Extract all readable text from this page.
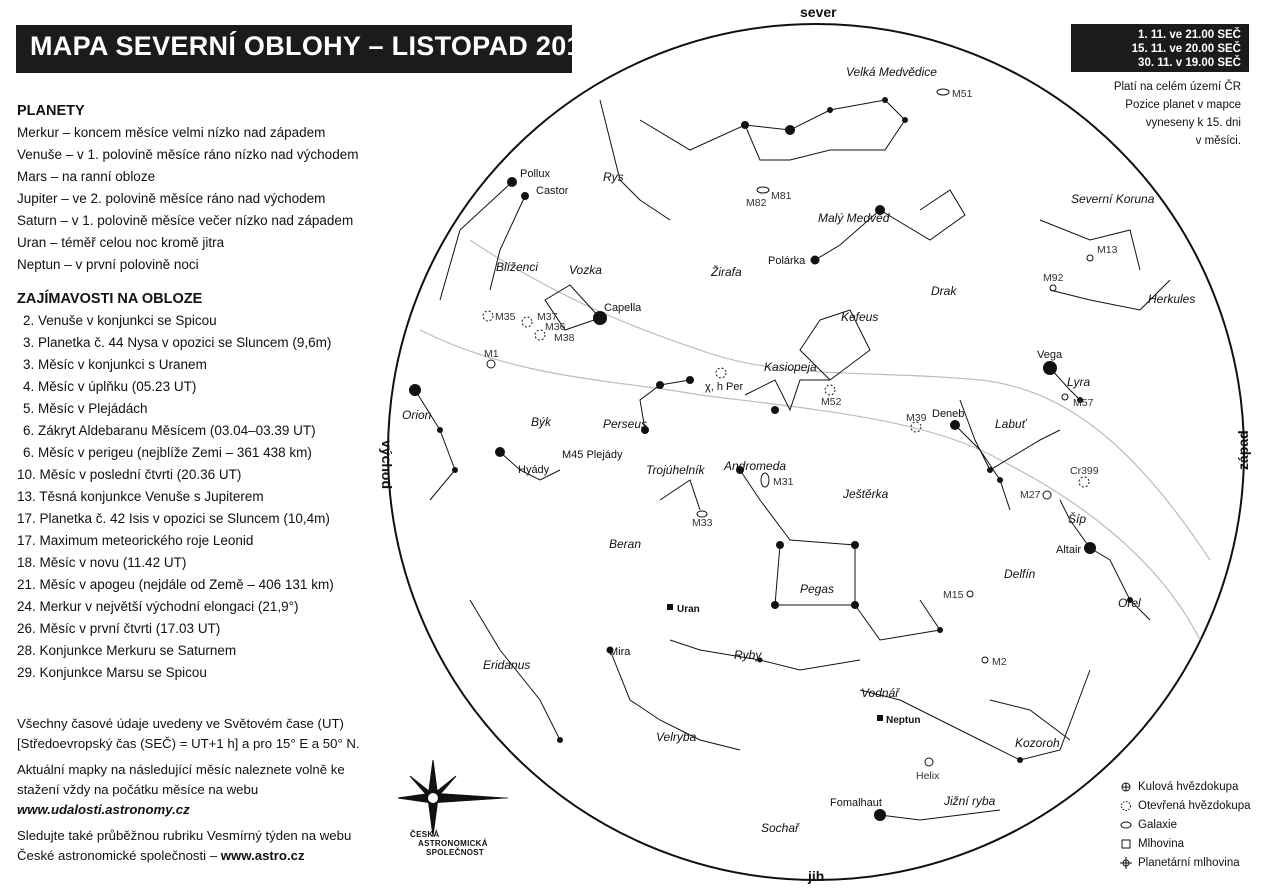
MAPA SEVERNÍ OBLOHY – LISTOPAD 2017	1. 11. ve 21.00 SEČ
15. 11. ve 20.00 SEČ
30. 11. v 19.00 SEČ
Platí na celém území ČR
Pozice planet v mapce
vyneseny k 15. dni
v měsíci.
PLANETY
Merkur – koncem měsíce velmi nízko nad západem
Venuše – v 1. polovině měsíce ráno nízko nad východem
Mars – na ranní obloze
Jupiter – ve 2. polovině měsíce ráno nad východem
Saturn – v 1. polovině měsíce večer nízko nad západem
Uran – téměř celou noc kromě jitra
Neptun – v první polovině noci
ZAJÍMAVOSTI NA OBLOZE
2. Venuše v konjunkci se Spicou
3. Planetka č. 44 Nysa v opozici se Sluncem (9,6m)
3. Měsíc v konjunkci s Uranem
4. Měsíc v úplňku (05.23 UT)
5. Měsíc v Plejádách
6. Zákryt Aldebaranu Měsícem (03.04–03.39 UT)
6. Měsíc v perigeu (nejblíže Zemi – 361 438 km)
10. Měsíc v poslední čtvrti (20.36 UT)
13. Těsná konjunkce Venuše s Jupiterem
17. Planetka č. 42 Isis v opozici se Sluncem (10,4m)
17. Maximum meteorického roje Leonid
18. Měsíc v novu (11.42 UT)
21. Měsíc v apogeu (nejdále od Země – 406 131 km)
24. Merkur v největší východní elongaci (21,9°)
26. Měsíc v první čtvrti (17.03 UT)
28. Konjunkce Merkuru se Saturnem
29. Konjunkce Marsu se Spicou
Všechny časové údaje uvedeny ve Světovém čase (UT)
[Středoevropský čas (SEČ) = UT+1 h] a pro 15° E a 50° N.
Aktuální mapky na následující měsíc naleznete volně ke
stažení vždy na počátku měsíce na webu
www.udalosti.astronomy.cz
Sledujte také průběžnou rubriku Vesmírný týden na webu
České astronomické společnosti – www.astro.cz
ČESKÁ
ASTRONOMICKÁ
SPOLEČNOST
sever
jih
východ	západ
Velká Medvědice
Rys
Malý Medvěd
Žirafa
Drak
Severní Koruna
Herkules
Blíženci	Vozka
Kefeus
Kasiopeja
Lyra
Labuť
Perseus
Býk
Orion
Trojúhelník Andromeda
Ještěrka
Šíp
Delfín
Beran
Pegas
Orel
Eridanus
Ryby
Vodnář
Velryba	Kozoroh
Jižní ryba
Sochař
Pollux
Castor
Capella
Polárka
Vega
Deneb
Altair
Mira
Fomalhaut
Hyády
M45 Plejády
χ, h Per
M51
M81
M82
M13
M92
M57
M35 M37
M36
M38
M1
M52
M39
M31
M33
Cr399
M27
M15
M2
Helix
Uran
Neptun
Kulová hvězdokupa
Otevřená hvězdokupa
Galaxie
Mlhovina
Planetární mlhovina
